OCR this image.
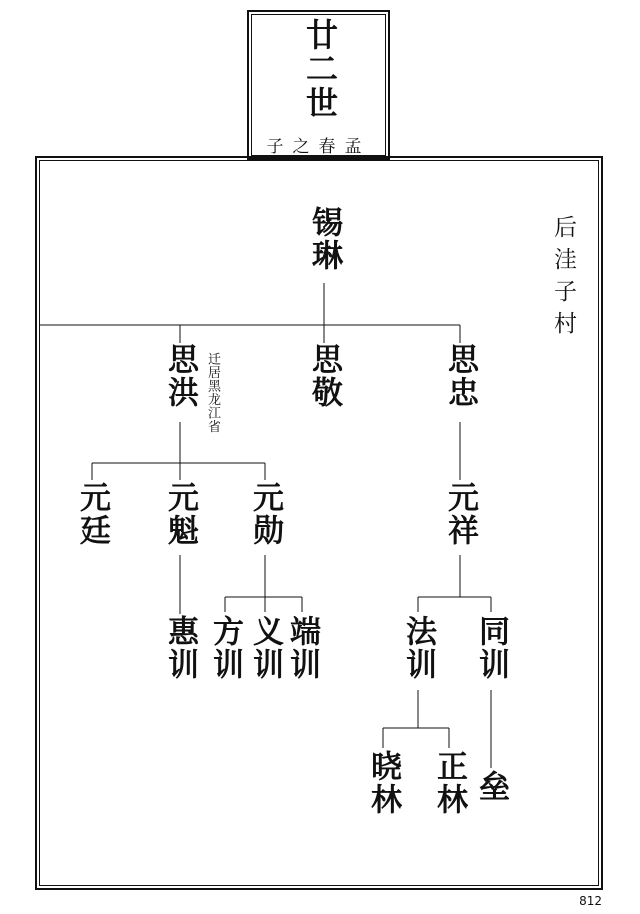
廿二世
孟春之子
后洼子村
锡琳
思洪	思敬	思忠
迁居黑龙江省
元廷 元魁 元勋	元祥
惠训 方训 义训 端训	法训 同训
晓林 正林 垒
812
